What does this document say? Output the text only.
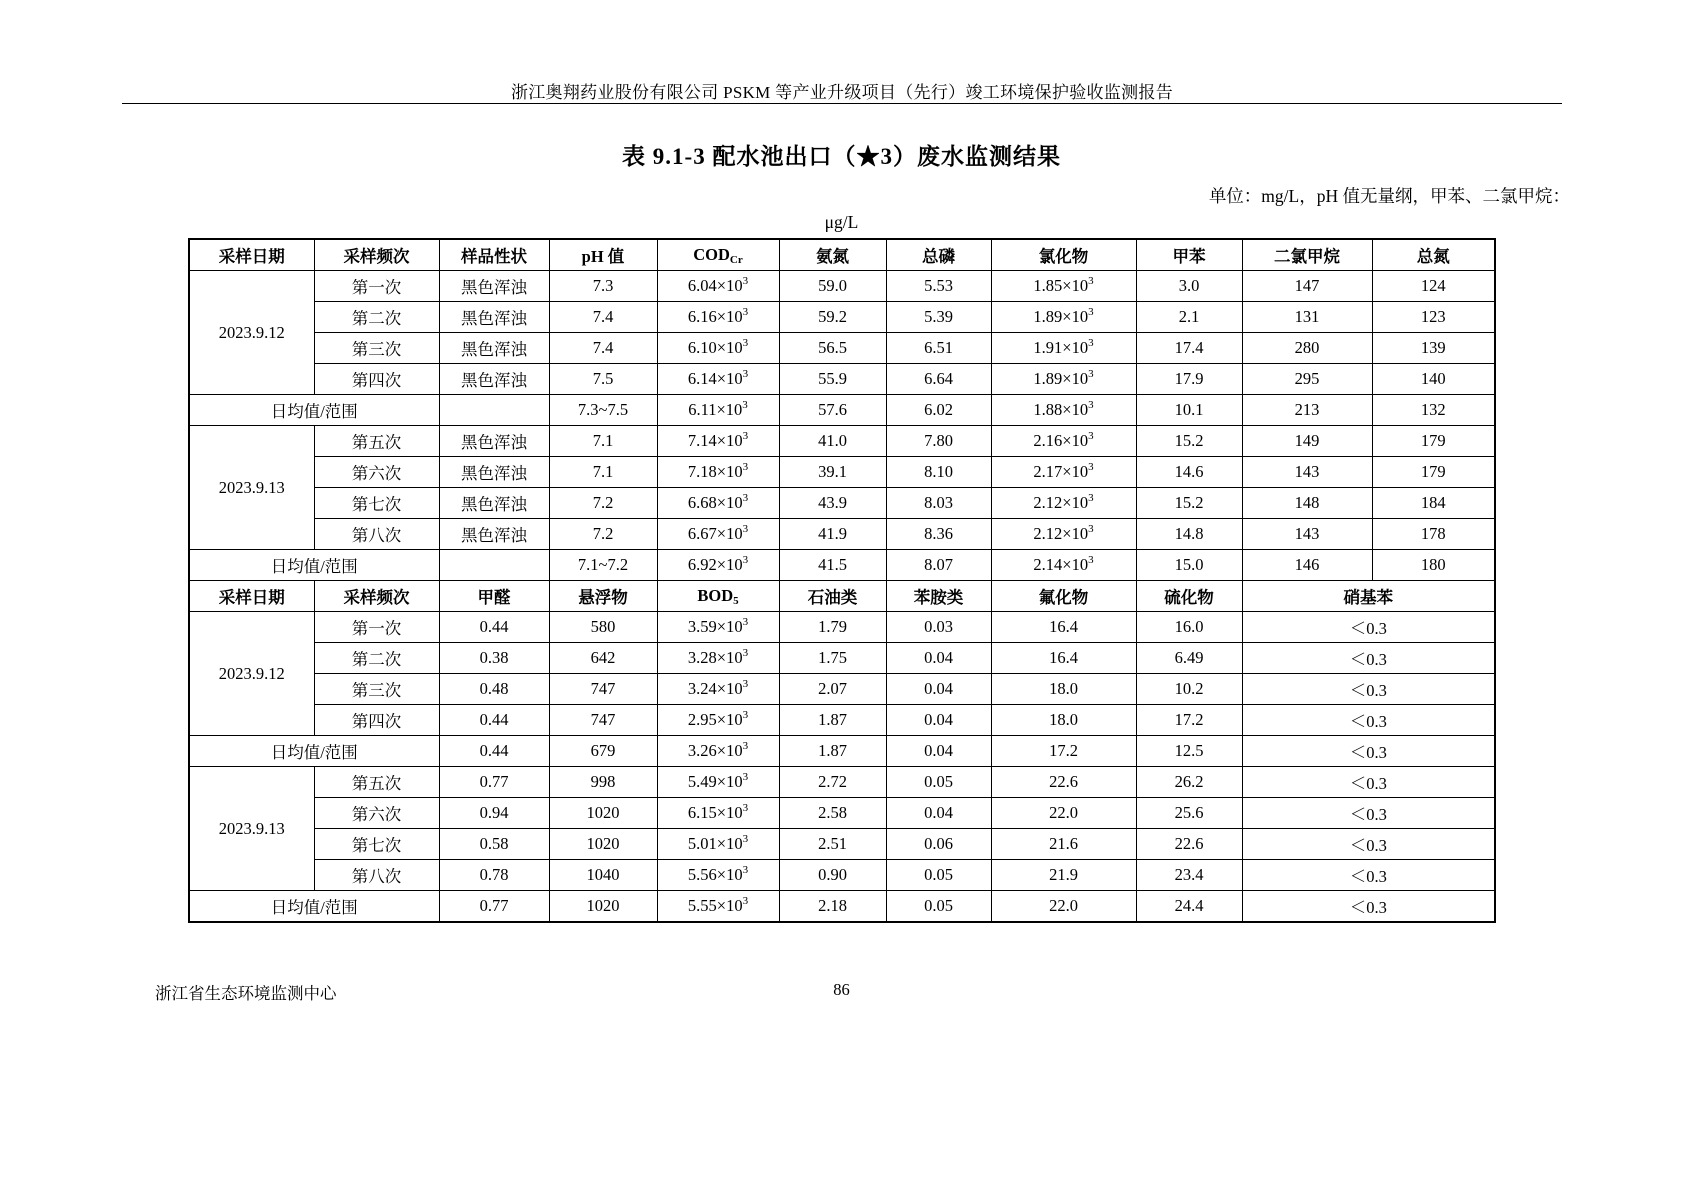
浙江奥翔药业股份有限公司 PSKM 等产业升级项目（先行）竣工环境保护验收监测报告
表 9.1-3 配水池出口（★3）废水监测结果
单位：mg/L，pH 值无量纲，甲苯、二氯甲烷：
μg/L
采样日期	采样频次	样品性状	pH 值	$COD_{Cr}$	氨氮	总磷	氯化物	甲苯	二氯甲烷	总氮
2023.9.12	第一次	黑色浑浊	7.3	$6.04\times 10^3$	59.0	5.53	$1.85\times 10^3$	3.0	147	124
	第二次	黑色浑浊	7.4	$6.16\times 10^3$	59.2	5.39	$1.89\times 10^3$	2.1	131	123
	第三次	黑色浑浊	7.4	$6.10\times 10^3$	56.5	6.51	$1.91\times 10^3$	17.4	280	139
	第四次	黑色浑浊	7.5	$6.14\times 10^3$	55.9	6.64	$1.89\times 10^3$	17.9	295	140
日均值/范围			7.3~7.5	$6.11\times 10^3$	57.6	6.02	$1.88\times 10^3$	10.1	213	132
2023.9.13	第五次	黑色浑浊	7.1	$7.14\times 10^3$	41.0	7.80	$2.16\times 10^3$	15.2	149	179
	第六次	黑色浑浊	7.1	$7.18\times 10^3$	39.1	8.10	$2.17\times 10^3$	14.6	143	179
	第七次	黑色浑浊	7.2	$6.68\times 10^3$	43.9	8.03	$2.12\times 10^3$	15.2	148	184
	第八次	黑色浑浊	7.2	$6.67\times 10^3$	41.9	8.36	$2.12\times 10^3$	14.8	143	178
日均值/范围			7.1~7.2	$6.92\times 10^3$	41.5	8.07	$2.14\times 10^3$	15.0	146	180
采样日期	采样频次	甲醛	悬浮物	$BOD_5$	石油类	苯胺类	氟化物	硫化物	硝基苯	
2023.9.12	第一次	0.44	580	$3.59\times 10^3$	1.79	0.03	16.4	16.0	＜0.3	
	第二次	0.38	642	$3.28\times 10^3$	1.75	0.04	16.4	6.49	＜0.3	
	第三次	0.48	747	$3.24\times 10^3$	2.07	0.04	18.0	10.2	＜0.3	
	第四次	0.44	747	$2.95\times 10^3$	1.87	0.04	18.0	17.2	＜0.3	
日均值/范围		0.44	679	$3.26\times 10^3$	1.87	0.04	17.2	12.5	＜0.3	
2023.9.13	第五次	0.77	998	$5.49\times 10^3$	2.72	0.05	22.6	26.2	＜0.3	
	第六次	0.94	1020	$6.15\times 10^3$	2.58	0.04	22.0	25.6	＜0.3	
	第七次	0.58	1020	$5.01\times 10^3$	2.51	0.06	21.6	22.6	＜0.3	
	第八次	0.78	1040	$5.56\times 10^3$	0.90	0.05	21.9	23.4	＜0.3	
日均值/范围		0.77	1020	$5.55\times 10^3$	2.18	0.05	22.0	24.4	＜0.3	
浙江省生态环境监测中心	86
